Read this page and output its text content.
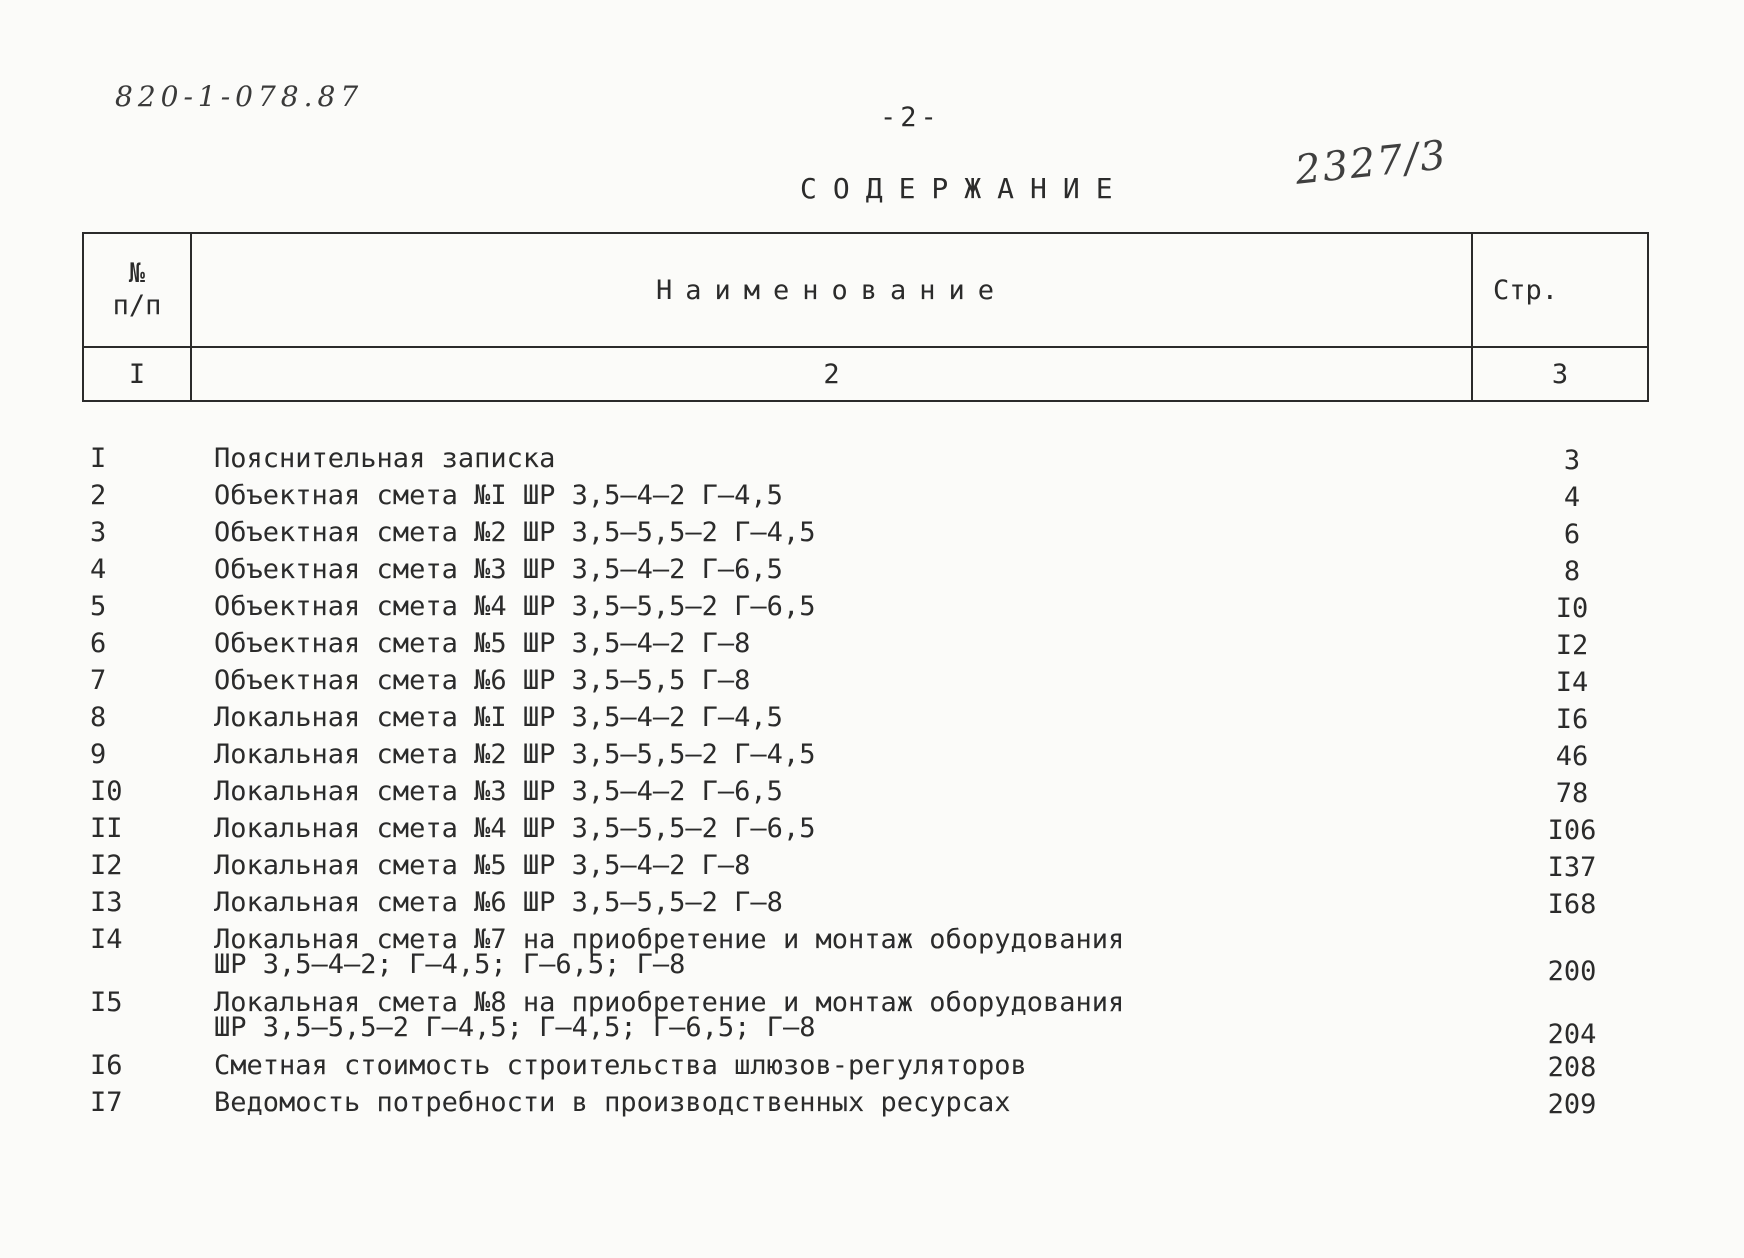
820-1-078.87
-2-
2327/3
СОДЕРЖАНИЕ
№
п/п	Наименование	Стр.
I	2	3
I	Пояснительная записка	3
2	Объектная смета №I ШР 3,5–4–2 Г–4,5	4
3	Объектная смета №2 ШР 3,5–5,5–2 Г–4,5	6
4	Объектная смета №3 ШР 3,5–4–2 Г–6,5	8
5	Объектная смета №4 ШР 3,5–5,5–2 Г–6,5	I0
6	Объектная смета №5 ШР 3,5–4–2 Г–8	I2
7	Объектная смета №6 ШР 3,5–5,5 Г–8	I4
8	Локальная смета №I ШР 3,5–4–2 Г–4,5	I6
9	Локальная смета №2 ШР 3,5–5,5–2 Г–4,5	46
I0	Локальная смета №3 ШР 3,5–4–2 Г–6,5	78
II	Локальная смета №4 ШР 3,5–5,5–2 Г–6,5	I06
I2	Локальная смета №5 ШР 3,5–4–2 Г–8	I37
I3	Локальная смета №6 ШР 3,5–5,5–2 Г–8	I68
I4	Локальная смета №7 на приобретение и монтаж оборудования
ШР 3,5–4–2; Г–4,5; Г–6,5; Г–8	200
I5	Локальная смета №8 на приобретение и монтаж оборудования
ШР 3,5–5,5–2 Г–4,5; Г–4,5; Г–6,5; Г–8	204
I6	Сметная стоимость строительства шлюзов-регуляторов	208
I7	Ведомость потребности в производственных ресурсах	209
